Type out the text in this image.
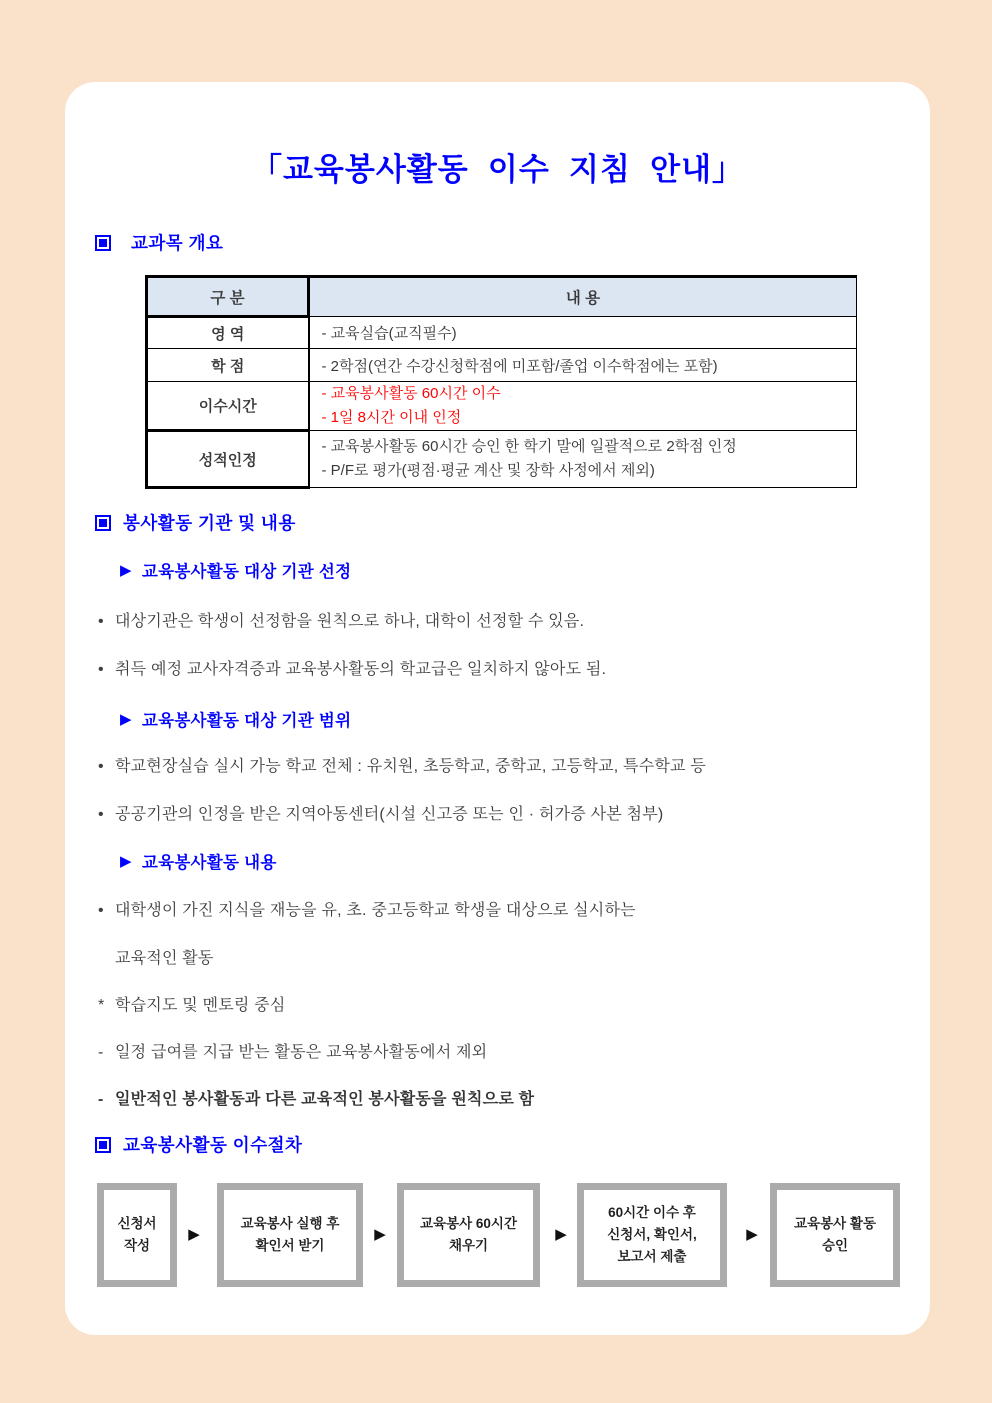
「교육봉사활동  이수  지침  안내」
교과목 개요
구 분	내 용
영 역	- 교육실습(교직필수)
학 점	- 2학점(연간 수강신청학점에 미포함/졸업 이수학점에는 포함)
이수시간	- 교육봉사활동 60시간 이수
- 1일 8시간 이내 인정

성적인정	- 교육봉사활동 60시간 승인 한 학기 말에 일괄적으로 2학점 인정
- P/F로 평가(평점·평균 계산 및 장학 사정에서 제외)
봉사활동 기관 및 내용
▶ 교육봉사활동 대상 기관 선정
• 대상기관은 학생이 선정함을 원칙으로 하나, 대학이 선정할 수 있음.
• 취득 예정 교사자격증과 교육봉사활동의 학교급은 일치하지 않아도 됨.
▶ 교육봉사활동 대상 기관 범위
• 학교현장실습 실시 가능 학교 전체 : 유치원, 초등학교, 중학교, 고등학교, 특수학교 등
• 공공기관의 인정을 받은 지역아동센터(시설 신고증 또는 인 · 허가증 사본 첨부)
▶ 교육봉사활동 내용
• 대학생이 가진 지식을 재능을 유, 초. 중고등학교 학생을 대상으로 실시하는
교육적인 활동
* 학습지도 및 멘토링 중심
- 일정 급여를 지급 받는 활동은 교육봉사활동에서 제외
- 일반적인 봉사활동과 다른 교육적인 봉사활동을 원칙으로 함
교육봉사활동 이수절차
신청서
작성
▶
교육봉사 실행 후
확인서 받기
▶
교육봉사 60시간
채우기
▶
60시간 이수 후
신청서, 확인서,
보고서 제출
▶
교육봉사 활동
승인
